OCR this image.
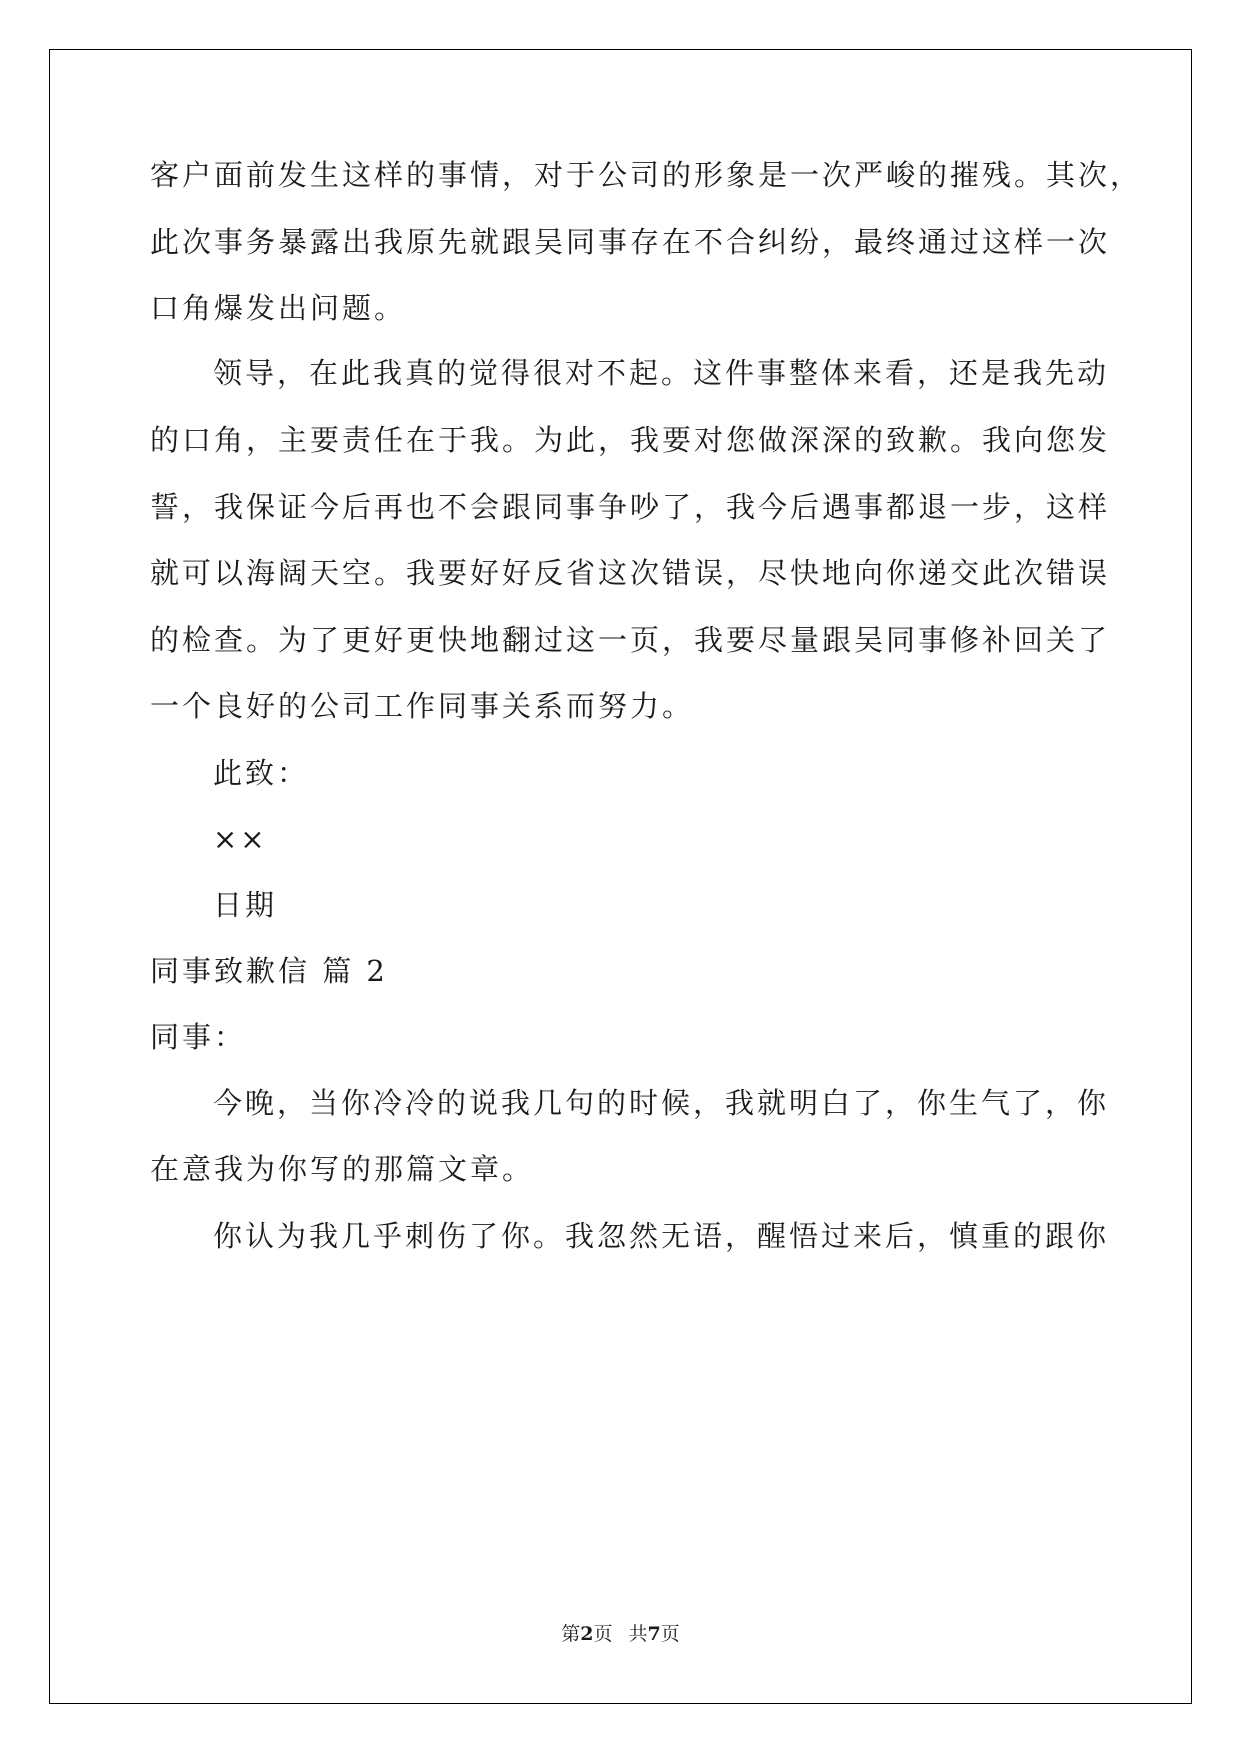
客户面前发生这样的事情，对于公司的形象是一次严峻的摧残。其次，
此次事务暴露出我原先就跟吴同事存在不合纠纷，最终通过这样一次
口角爆发出问题。
领导，在此我真的觉得很对不起。这件事整体来看，还是我先动
的口角，主要责任在于我。为此，我要对您做深深的致歉。我向您发
誓，我保证今后再也不会跟同事争吵了，我今后遇事都退一步，这样
就可以海阔天空。我要好好反省这次错误，尽快地向你递交此次错误
的检查。为了更好更快地翻过这一页，我要尽量跟吴同事修补回关了
一个良好的公司工作同事关系而努力。
此致：
××
日期
同事致歉信 篇 2
同事：
今晚，当你冷冷的说我几句的时候，我就明白了，你生气了，你
在意我为你写的那篇文章。
你认为我几乎刺伤了你。我忽然无语，醒悟过来后，慎重的跟你
第2页 共7页
